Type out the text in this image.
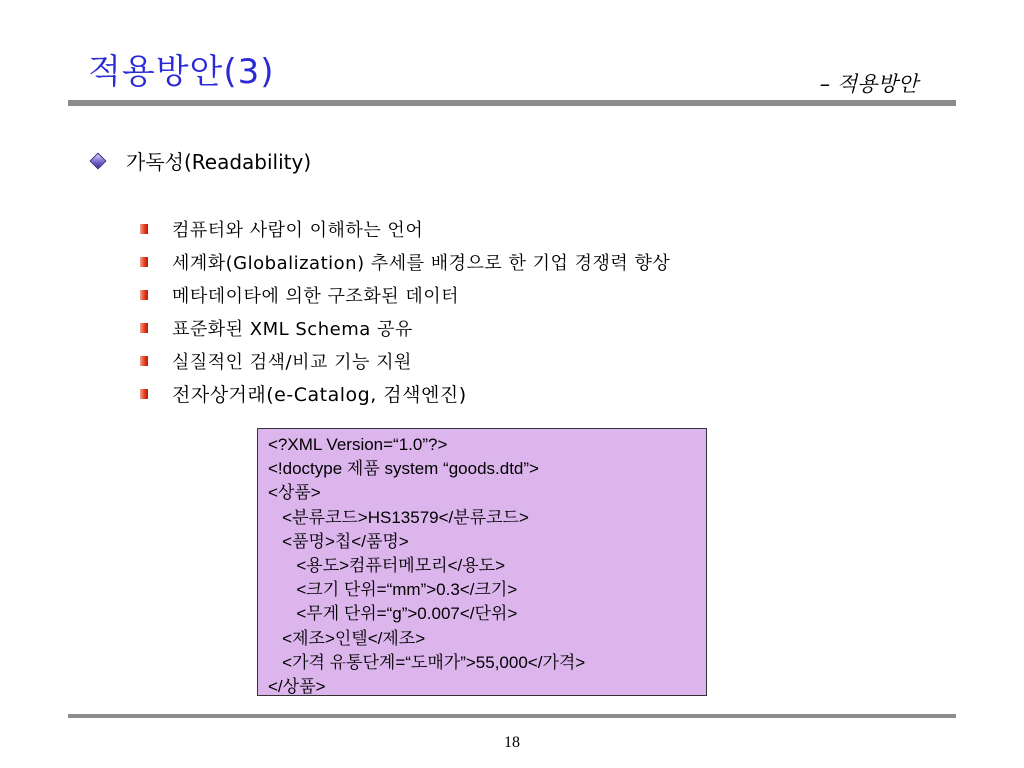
적용방안(3)	– 적용방안
가독성(Readability)
컴퓨터와 사람이 이해하는 언어
세계화(Globalization) 추세를 배경으로 한 기업 경쟁력 향상
메타데이타에 의한 구조화된 데이터
표준화된 XML Schema 공유
실질적인 검색/비교 기능 지원
전자상거래(e-Catalog, 검색엔진)
<?XML Version=“1.0”?>
<!doctype 제품 system “goods.dtd”>
<상품>
<분류코드>HS13579</분류코드>
<품명>칩</품명>
<용도>컴퓨터메모리</용도>
<크기 단위=“mm”>0.3</크기>
<무게 단위=“g”>0.007</단위>
<제조>인텔</제조>
<가격 유통단계=“도매가”>55,000</가격>
</상품>
18
